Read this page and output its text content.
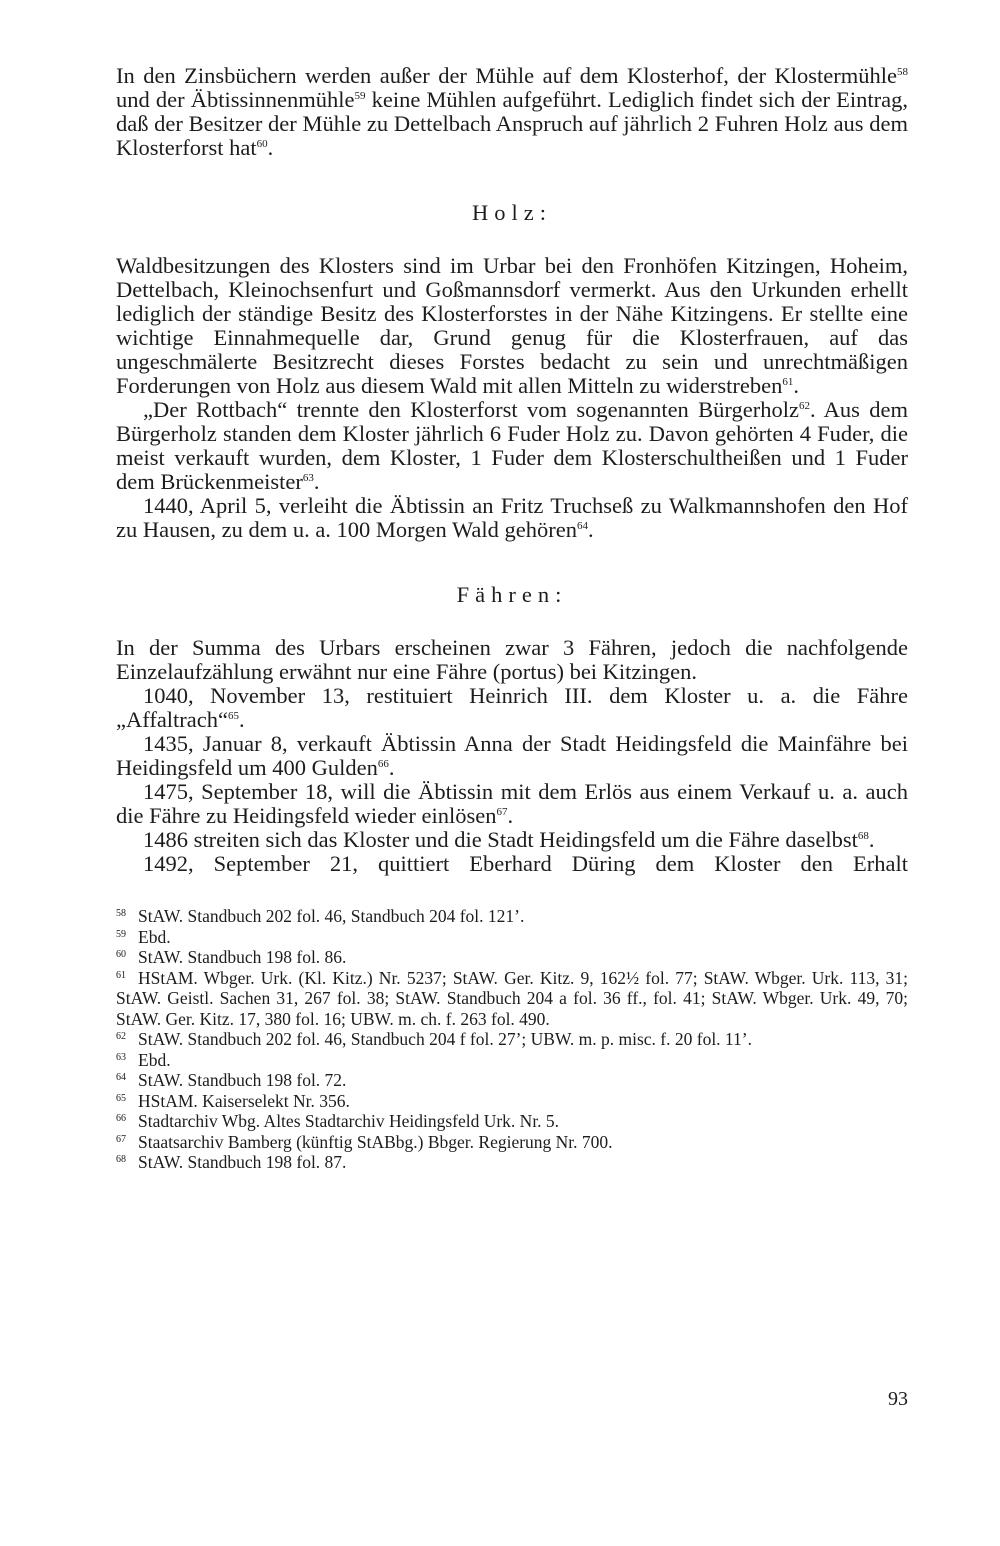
In den Zinsbüchern werden außer der Mühle auf dem Klosterhof, der Klostermühle$^{58}$ und der Äbtissinnenmühle$^{59}$ keine Mühlen aufgeführt. Lediglich findet sich der Eintrag, daß der Besitzer der Mühle zu Dettelbach Anspruch auf jährlich 2 Fuhren Holz aus dem Klosterforst hat$^{60}$.

Holz:

Waldbesitzungen des Klosters sind im Urbar bei den Fronhöfen Kitzingen, Hoheim, Dettelbach, Kleinochsenfurt und Goßmannsdorf vermerkt. Aus den Urkunden erhellt lediglich der ständige Besitz des Klosterforstes in der Nähe Kitzingens. Er stellte eine wichtige Einnahmequelle dar, Grund genug für die Klosterfrauen, auf das ungeschmälerte Besitzrecht dieses Forstes bedacht zu sein und unrechtmäßigen Forderungen von Holz aus diesem Wald mit allen Mitteln zu widerstreben$^{61}$.

„Der Rottbach“ trennte den Klosterforst vom sogenannten Bürgerholz$^{62}$. Aus dem Bürgerholz standen dem Kloster jährlich 6 Fuder Holz zu. Davon gehörten 4 Fuder, die meist verkauft wurden, dem Kloster, 1 Fuder dem Klosterschultheißen und 1 Fuder dem Brückenmeister$^{63}$.

1440, April 5, verleiht die Äbtissin an Fritz Truchseß zu Walkmannshofen den Hof zu Hausen, zu dem u. a. 100 Morgen Wald gehören$^{64}$.

Fähren:

In der Summa des Urbars erscheinen zwar 3 Fähren, jedoch die nachfolgende Einzelaufzählung erwähnt nur eine Fähre (portus) bei Kitzingen.

1040, November 13, restituiert Heinrich III. dem Kloster u. a. die Fähre „Affaltrach“$^{65}$.

1435, Januar 8, verkauft Äbtissin Anna der Stadt Heidingsfeld die Mainfähre bei Heidingsfeld um 400 Gulden$^{66}$.

1475, September 18, will die Äbtissin mit dem Erlös aus einem Verkauf u. a. auch die Fähre zu Heidingsfeld wieder einlösen$^{67}$.

1486 streiten sich das Kloster und die Stadt Heidingsfeld um die Fähre daselbst$^{68}$.

1492, September 21, quittiert Eberhard Düring dem Kloster den Erhalt

$^{58}$ StAW. Standbuch 202 fol. 46, Standbuch 204 fol. 121’.
$^{59}$ Ebd.
$^{60}$ StAW. Standbuch 198 fol. 86.
$^{61}$ HStAM. Wbger. Urk. (Kl. Kitz.) Nr. 5237; StAW. Ger. Kitz. 9, 162½ fol. 77; StAW. Wbger. Urk. 113, 31; StAW. Geistl. Sachen 31, 267 fol. 38; StAW. Standbuch 204 a fol. 36 ff., fol. 41; StAW. Wbger. Urk. 49, 70; StAW. Ger. Kitz. 17, 380 fol. 16; UBW. m. ch. f. 263 fol. 490.
$^{62}$ StAW. Standbuch 202 fol. 46, Standbuch 204 f fol. 27’; UBW. m. p. misc. f. 20 fol. 11’.
$^{63}$ Ebd.
$^{64}$ StAW. Standbuch 198 fol. 72.
$^{65}$ HStAM. Kaiserselekt Nr. 356.
$^{66}$ Stadtarchiv Wbg. Altes Stadtarchiv Heidingsfeld Urk. Nr. 5.
$^{67}$ Staatsarchiv Bamberg (künftig StABbg.) Bbger. Regierung Nr. 700.
$^{68}$ StAW. Standbuch 198 fol. 87.
93
